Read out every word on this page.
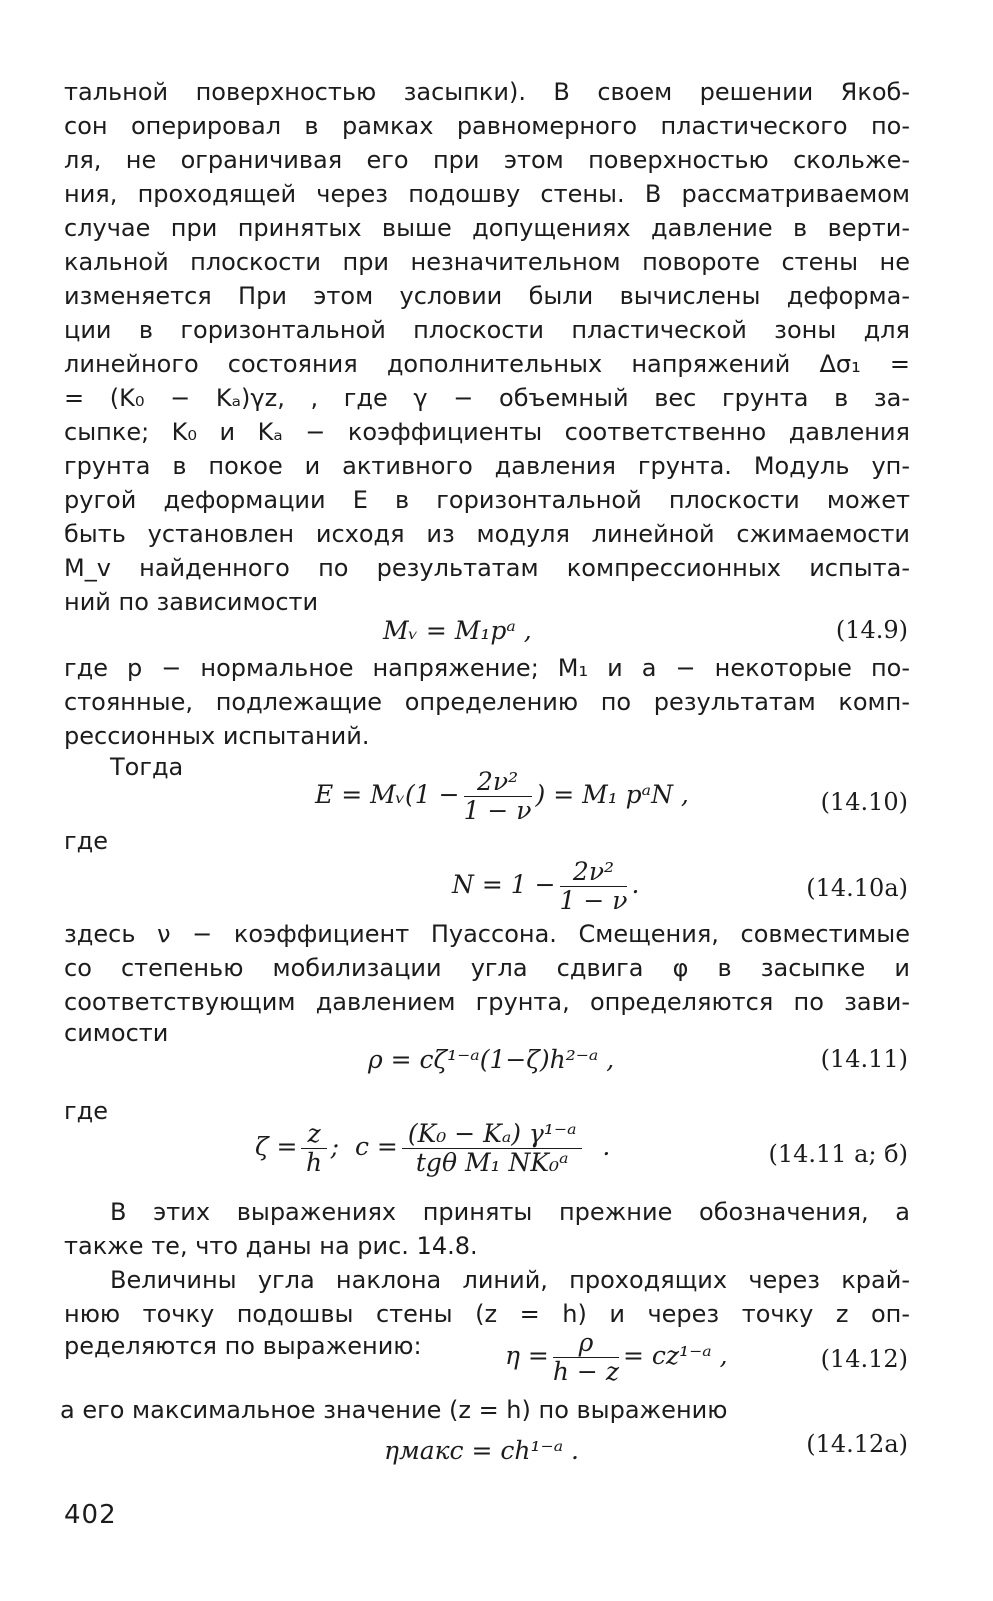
тальной поверхностью засыпки). В своем решении Якоб-
сон оперировал в рамках равномерного пластического по-
ля, не ограничивая его при этом поверхностью скольже-
ния, проходящей через подошву стены. В рассматриваемом
случае при принятых выше допущениях давление в верти-
кальной плоскости при незначительном повороте стены не
изменяется При этом условии были вычислены деформа-
ции в горизонтальной плоскости пластической зоны для
линейного состояния дополнительных напряжений Δσ₁ =
= (K₀ − Kₐ)γz, , где γ − объемный вес грунта в за-
сыпке; K₀ и Kₐ − коэффициенты соответственно давления
грунта в покое и активного давления грунта. Модуль уп-
ругой деформации E в горизонтальной плоскости может
быть установлен исходя из модуля линейной сжимаемости
M_v найденного по результатам компрессионных испыта-
ний по зависимости
Mᵥ = M₁pᵃ ,	(14.9)
где p − нормальное напряжение; M₁ и a − некоторые по-
стоянные, подлежащие определению по результатам комп-
рессионных испытаний.
Тогда
E = Mᵥ(1 − $\frac{\text{2ν²}}{1 - \nu}$ ) = M₁ pᵃN ,	(14.10)
где
$N = 1 - \frac{\text{2ν²}}{1 - \nu}$ .	(14.10a)
здесь ν − коэффициент Пуассона. Смещения, совместимые
со степенью мобилизации угла сдвига φ в засыпке и
соответствующим давлением грунта, определяются по зави-
симости
ρ = cζ¹⁻ᵃ(1−ζ)h²⁻ᵃ ,	(14.11)
где
$\zeta = \frac{z}{h}$ ; $c = \frac{\text{(K₀ − Kₐ) γ¹⁻ᵃ}}{\text{tgθ M₁ NK₀ᵃ}}$ .	(14.11 а; б)
В этих выражениях приняты прежние обозначения, а
также те, что даны на рис. 14.8.
Величины угла наклона линий, проходящих через край-
нюю точку подошвы стены (z = h) и через точку z оп-
ределяются по выражению:	$\eta = \frac{\rho}{h - z}$ = cz¹⁻ᵃ ,	(14.12)
а его максимальное значение (z = h) по выражению
ηмакс = ch¹⁻ᵃ .	(14.12a)
402
